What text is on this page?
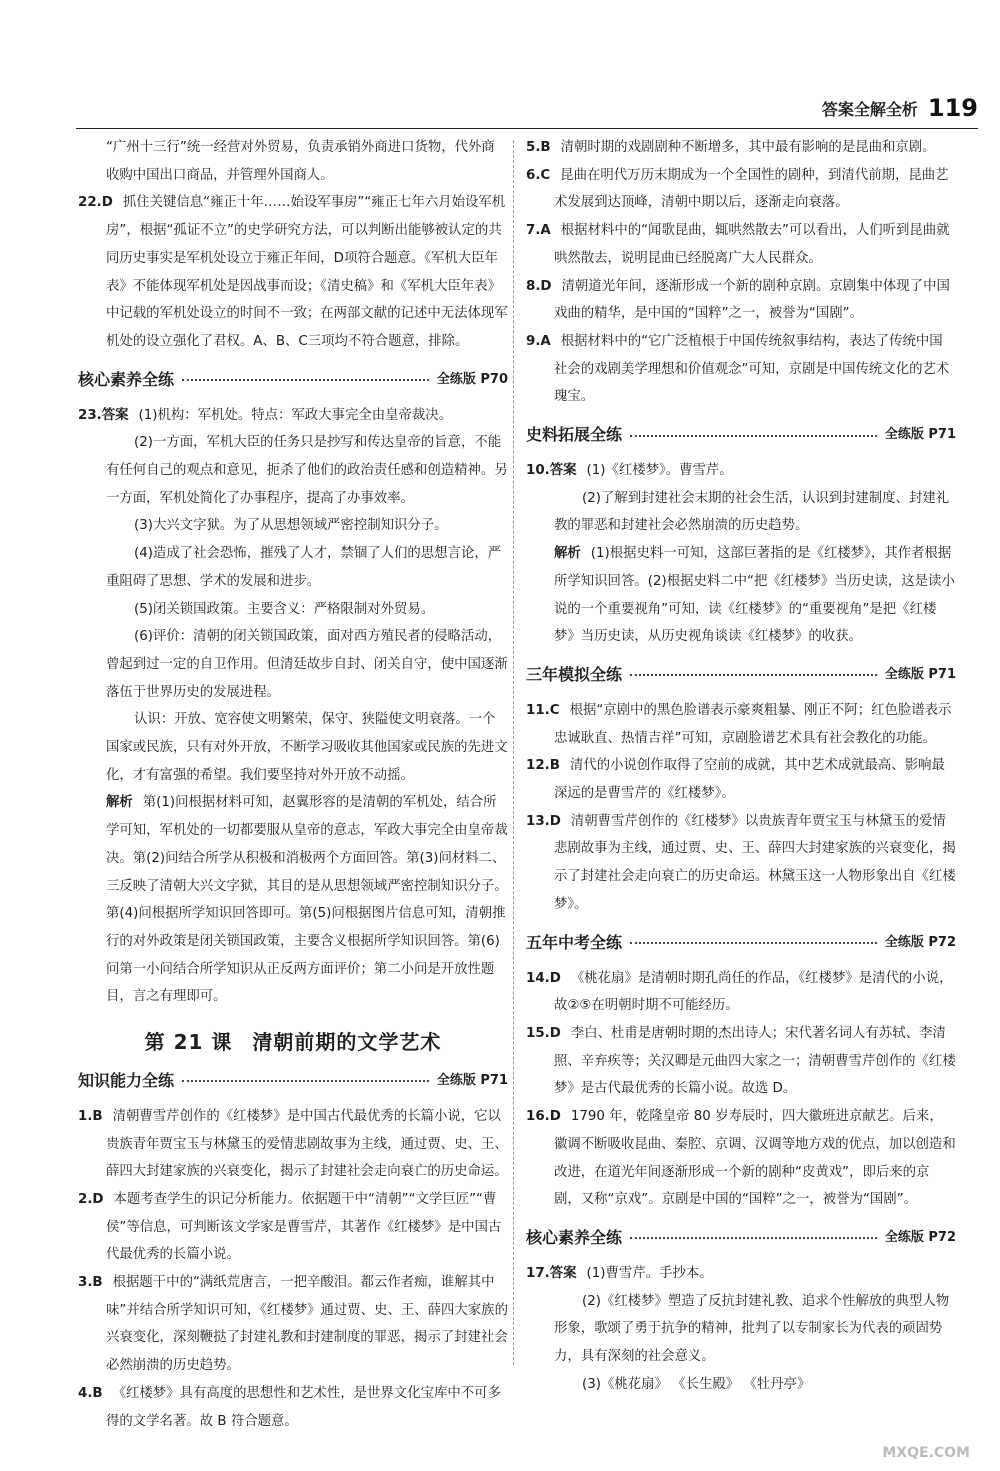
答案全解全析 119

“广州十三行”统一经营对外贸易，负责承销外商进口货物，代外商收购中国出口商品，并管理外国商人。

22.D 抓住关键信息“雍正十年……始设军事房”“雍正七年六月始设军机房”，根据“孤证不立”的史学研究方法，可以判断出能够被认定的共同历史事实是军机处设立于雍正年间，D项符合题意。《军机大臣年表》不能体现军机处是因战事而设；《清史稿》和《军机大臣年表》中记载的军机处设立的时间不一致；在两部文献的记述中无法体现军机处的设立强化了君权。A、B、C三项均不符合题意，排除。

核心素养全练	全练版 P70

23.答案 (1)机构：军机处。特点：军政大事完全由皇帝裁决。

(2)一方面，军机大臣的任务只是抄写和传达皇帝的旨意，不能有任何自己的观点和意见，扼杀了他们的政治责任感和创造精神。另一方面，军机处简化了办事程序，提高了办事效率。

(3)大兴文字狱。为了从思想领域严密控制知识分子。

(4)造成了社会恐怖，摧残了人才，禁锢了人们的思想言论，严重阻碍了思想、学术的发展和进步。

(5)闭关锁国政策。主要含义：严格限制对外贸易。

(6)评价：清朝的闭关锁国政策，面对西方殖民者的侵略活动，曾起到过一定的自卫作用。但清廷故步自封、闭关自守，使中国逐渐落伍于世界历史的发展进程。

认识：开放、宽容使文明繁荣，保守、狭隘使文明衰落。一个国家或民族，只有对外开放，不断学习吸收其他国家或民族的先进文化，才有富强的希望。我们要坚持对外开放不动摇。

解析 第(1)问根据材料可知，赵翼形容的是清朝的军机处，结合所学可知，军机处的一切都要服从皇帝的意志，军政大事完全由皇帝裁决。第(2)问结合所学从积极和消极两个方面回答。第(3)问材料二、三反映了清朝大兴文字狱，其目的是从思想领域严密控制知识分子。第(4)问根据所学知识回答即可。第(5)问根据图片信息可知，清朝推行的对外政策是闭关锁国政策，主要含义根据所学知识回答。第(6)问第一小问结合所学知识从正反两方面评价；第二小问是开放性题目，言之有理即可。

第 21 课 清朝前期的文学艺术
知识能力全练	全练版 P71

1.B 清朝曹雪芹创作的《红楼梦》是中国古代最优秀的长篇小说，它以贵族青年贾宝玉与林黛玉的爱情悲剧故事为主线，通过贾、史、王、薛四大封建家族的兴衰变化，揭示了封建社会走向衰亡的历史命运。

2.D 本题考查学生的识记分析能力。依据题干中“清朝”“文学巨匠”“曹侯”等信息，可判断该文学家是曹雪芹，其著作《红楼梦》是中国古代最优秀的长篇小说。

3.B 根据题干中的“满纸荒唐言，一把辛酸泪。都云作者痴，谁解其中味”并结合所学知识可知，《红楼梦》通过贾、史、王、薛四大家族的兴衰变化，深刻鞭挞了封建礼教和封建制度的罪恶，揭示了封建社会必然崩溃的历史趋势。

4.B 《红楼梦》具有高度的思想性和艺术性，是世界文化宝库中不可多得的文学名著。故 B 符合题意。

5.B 清朝时期的戏剧剧种不断增多，其中最有影响的是昆曲和京剧。

6.C 昆曲在明代万历末期成为一个全国性的剧种，到清代前期，昆曲艺术发展到达顶峰，清朝中期以后，逐渐走向衰落。

7.A 根据材料中的“闻歌昆曲，辄哄然散去”可以看出，人们听到昆曲就哄然散去，说明昆曲已经脱离广大人民群众。

8.D 清朝道光年间，逐渐形成一个新的剧种京剧。京剧集中体现了中国戏曲的精华，是中国的“国粹”之一，被誉为“国剧”。

9.A 根据材料中的“它广泛植根于中国传统叙事结构，表达了传统中国社会的戏剧美学理想和价值观念”可知，京剧是中国传统文化的艺术瑰宝。

史料拓展全练	全练版 P71

10.答案 (1)《红楼梦》。曹雪芹。

(2)了解到封建社会末期的社会生活，认识到封建制度、封建礼教的罪恶和封建社会必然崩溃的历史趋势。

解析 (1)根据史料一可知，这部巨著指的是《红楼梦》，其作者根据所学知识回答。(2)根据史料二中“把《红楼梦》当历史读，这是读小说的一个重要视角”可知，读《红楼梦》的“重要视角”是把《红楼梦》当历史读，从历史视角谈读《红楼梦》的收获。

三年模拟全练	全练版 P71

11.C 根据“京剧中的黑色脸谱表示豪爽粗暴、刚正不阿；红色脸谱表示忠诚耿直、热情吉祥”可知，京剧脸谱艺术具有社会教化的功能。

12.B 清代的小说创作取得了空前的成就，其中艺术成就最高、影响最深远的是曹雪芹的《红楼梦》。

13.D 清朝曹雪芹创作的《红楼梦》以贵族青年贾宝玉与林黛玉的爱情悲剧故事为主线，通过贾、史、王、薛四大封建家族的兴衰变化，揭示了封建社会走向衰亡的历史命运。林黛玉这一人物形象出自《红楼梦》。

五年中考全练	全练版 P72

14.D 《桃花扇》是清朝时期孔尚任的作品，《红楼梦》是清代的小说，故②⑤在明朝时期不可能经历。

15.D 李白、杜甫是唐朝时期的杰出诗人；宋代著名词人有苏轼、李清照、辛弃疾等；关汉卿是元曲四大家之一；清朝曹雪芹创作的《红楼梦》是古代最优秀的长篇小说。故选 D。

16.D 1790 年，乾隆皇帝 80 岁寿辰时，四大徽班进京献艺。后来，徽调不断吸收昆曲、秦腔、京调、汉调等地方戏的优点，加以创造和改进，在道光年间逐渐形成一个新的剧种“皮黄戏”，即后来的京剧，又称“京戏”。京剧是中国的“国粹”之一，被誉为“国剧”。

核心素养全练	全练版 P72

17.答案 (1)曹雪芹。手抄本。

(2)《红楼梦》塑造了反抗封建礼教、追求个性解放的典型人物形象，歌颂了勇于抗争的精神，批判了以专制家长为代表的顽固势力，具有深刻的社会意义。

(3)《桃花扇》 《长生殿》 《牡丹亭》

MXQE.COM
